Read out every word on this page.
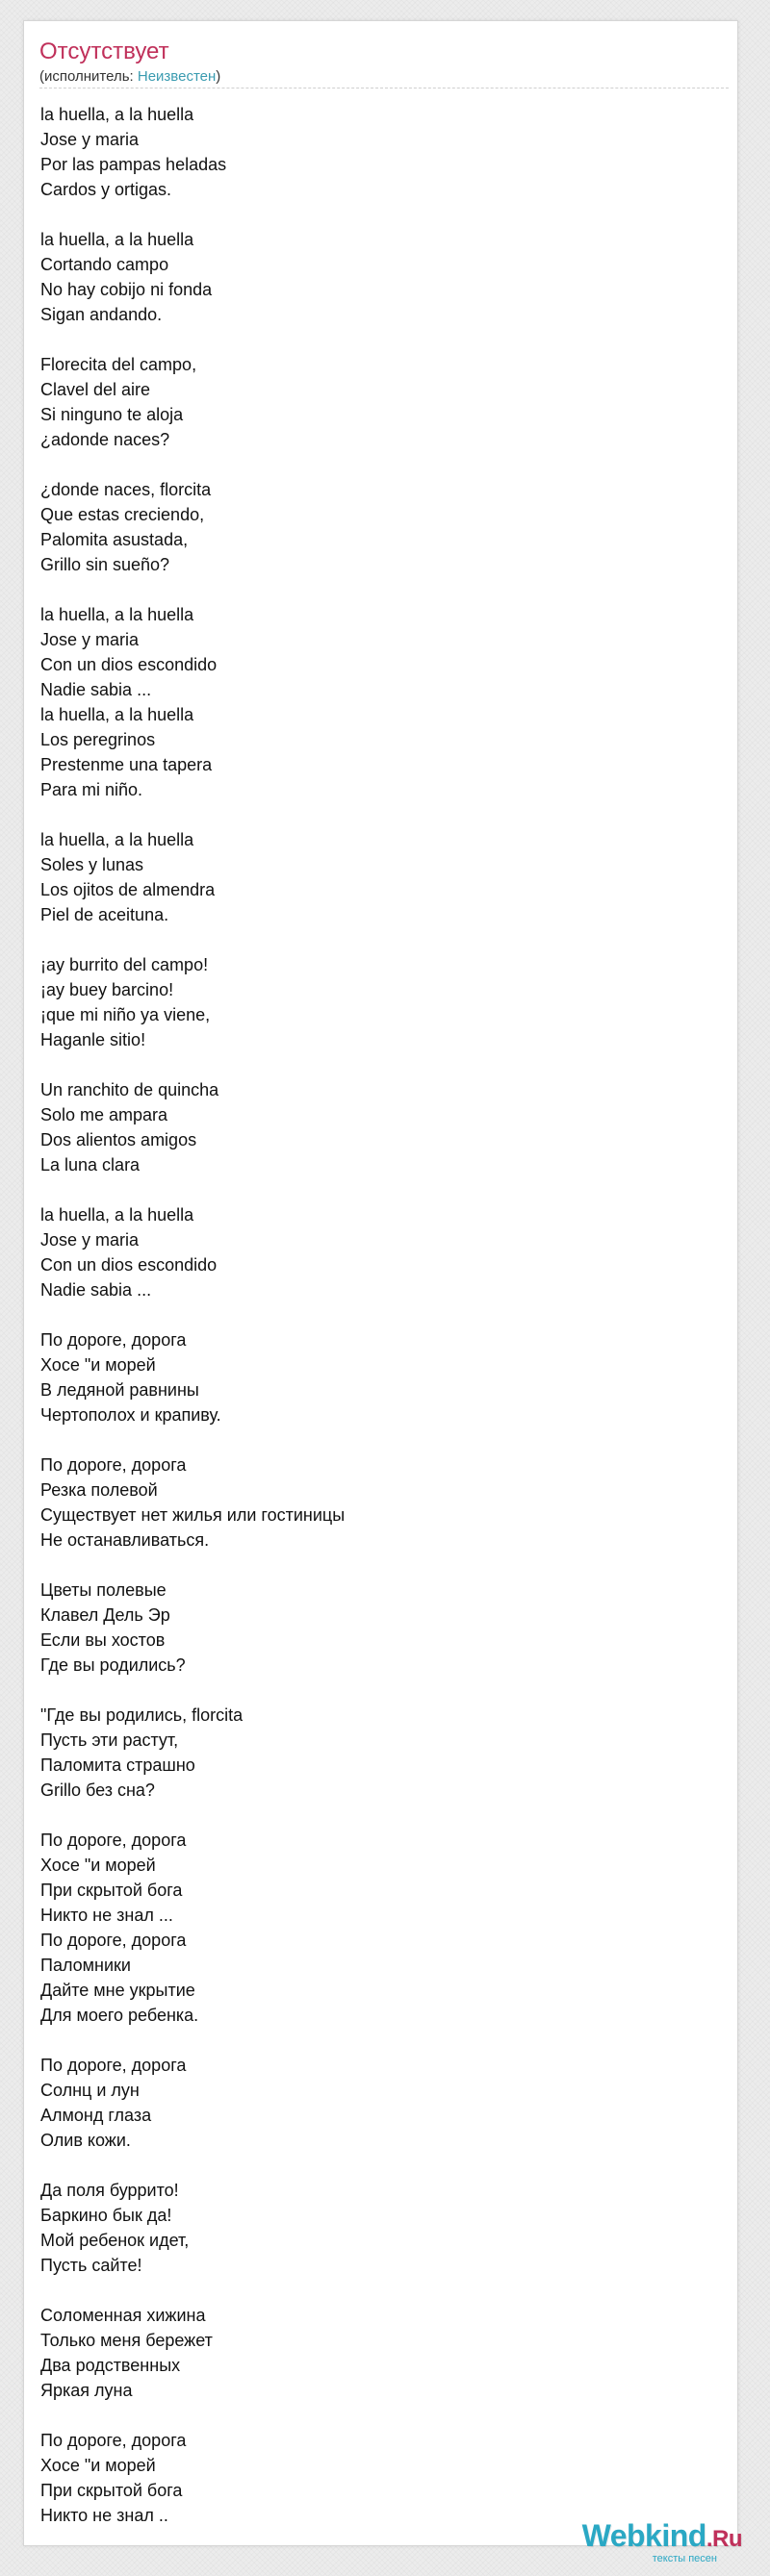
Отсутствует
(исполнитель: Неизвестен)
la huella, a la huella
Jose y maria
Por las pampas heladas
Cardos y ortigas.
la huella, a la huella
Cortando campo
No hay cobijo ni fonda
Sigan andando.
Florecita del campo,
Clavel del aire
Si ninguno te aloja
¿adonde naces?
¿donde naces, florcita
Que estas creciendo,
Palomita asustada,
Grillo sin sueño?
la huella, a la huella
Jose y maria
Con un dios escondido
Nadie sabia ...
la huella, a la huella
Los peregrinos
Prestenme una tapera
Para mi niño.
la huella, a la huella
Soles y lunas
Los ojitos de almendra
Piel de aceituna.
¡ay burrito del campo!
¡ay buey barcino!
¡que mi niño ya viene,
Haganle sitio!
Un ranchito de quincha
Solo me ampara
Dos alientos amigos
La luna clara
la huella, a la huella
Jose y maria
Con un dios escondido
Nadie sabia ...
По дороге, дорога
Хосе "и морей
В ледяной равнины
Чертополох и крапиву.
По дороге, дорога
Резка полевой
Существует нет жилья или гостиницы
Не останавливаться.
Цветы полевые
Клавел Дель Эр
Если вы хостов
Где вы родились?
"Где вы родились, florcita
Пусть эти растут,
Паломита страшно
Grillo без сна?
По дороге, дорога
Хосе "и морей
При скрытой бога
Никто не знал ...
По дороге, дорога
Паломники
Дайте мне укрытие
Для моего ребенка.
По дороге, дорога
Солнц и лун
Алмонд глаза
Олив кожи.
Да поля буррито!
Баркино бык да!
Мой ребенок идет,
Пусть сайте!
Соломенная хижина
Только меня бережет
Два родственных
Яркая луна
По дороге, дорога
Хосе "и морей
При скрытой бога
Никто не знал ..
Webkind.Ru
тексты песен
